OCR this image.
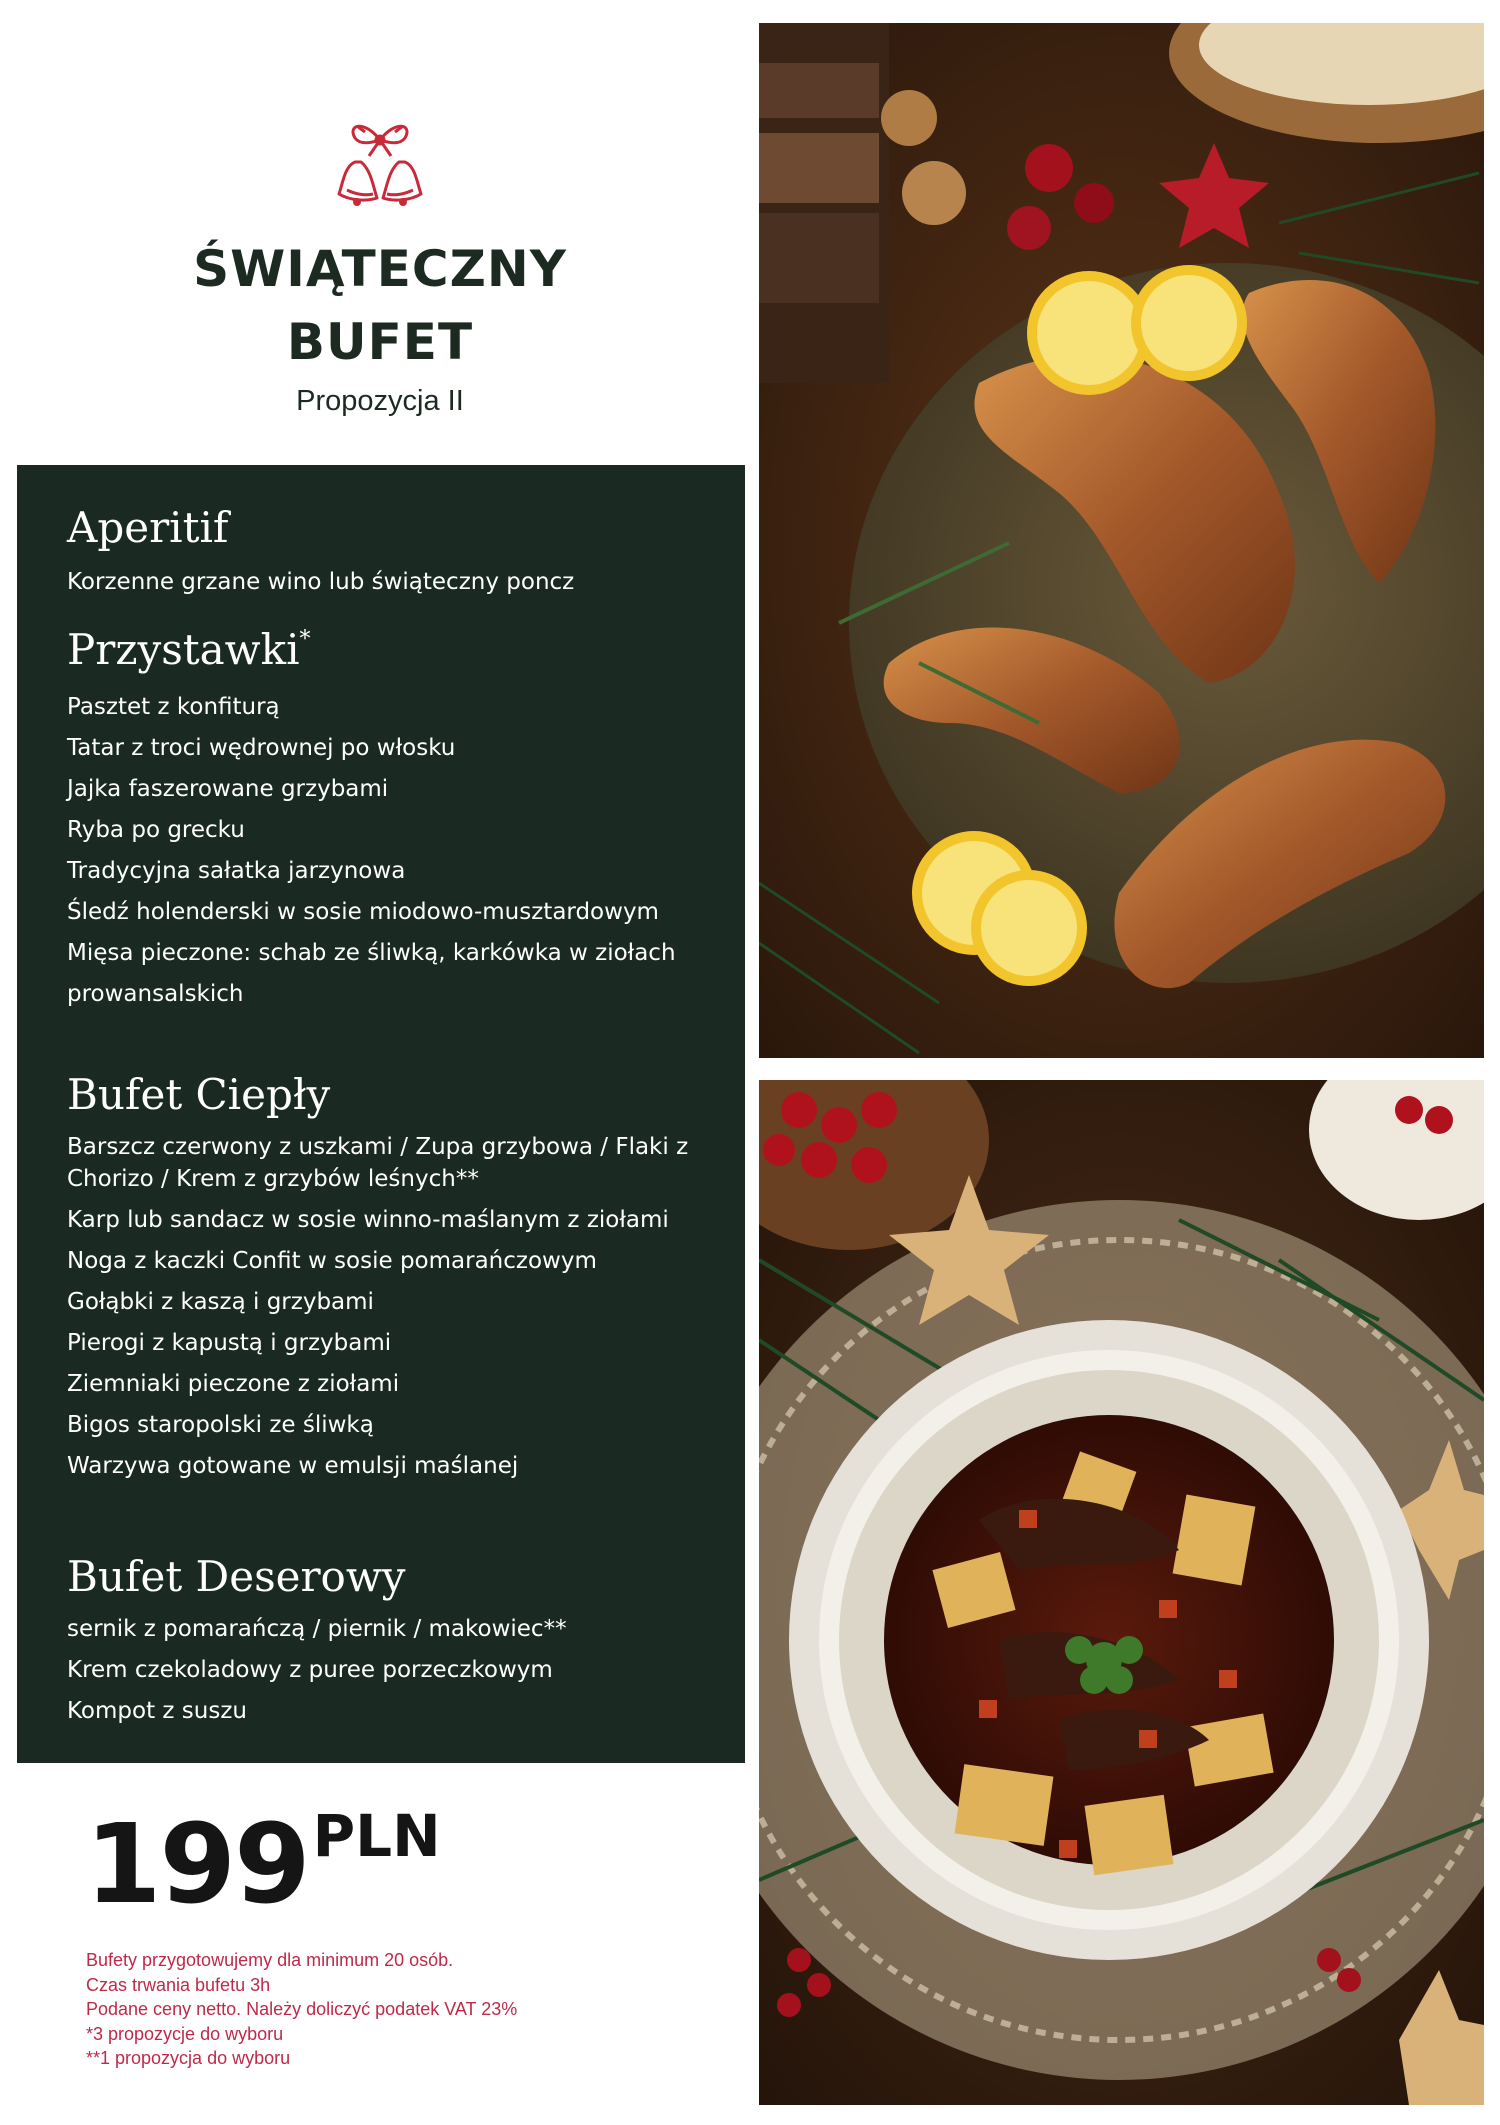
ŚWIĄTECZNY
BUFET
Propozycja II
Aperitif
Korzenne grzane wino lub świąteczny poncz
Przystawki*
Pasztet z konfiturą
Tatar z troci wędrownej po włosku
Jajka faszerowane grzybami
Ryba po grecku
Tradycyjna sałatka jarzynowa
Śledź holenderski w sosie miodowo-musztardowym
Mięsa pieczone: schab ze śliwką, karkówka w ziołach
prowansalskich
Bufet Ciepły
Barszcz czerwony z uszkami / Zupa grzybowa / Flaki z
Chorizo / Krem z grzybów leśnych**
Karp lub sandacz w sosie winno-maślanym z ziołami
Noga z kaczki Confit w sosie pomarańczowym
Gołąbki z kaszą i grzybami
Pierogi z kapustą i grzybami
Ziemniaki pieczone z ziołami
Bigos staropolski ze śliwką
Warzywa gotowane w emulsji maślanej
Bufet Deserowy
sernik z pomarańczą / piernik / makowiec**
Krem czekoladowy z puree porzeczkowym
Kompot z suszu
199PLN
Bufety przygotowujemy dla minimum 20 osób.
Czas trwania bufetu 3h
Podane ceny netto. Należy doliczyć podatek VAT 23%
*3 propozycje do wyboru
**1 propozycja do wyboru
